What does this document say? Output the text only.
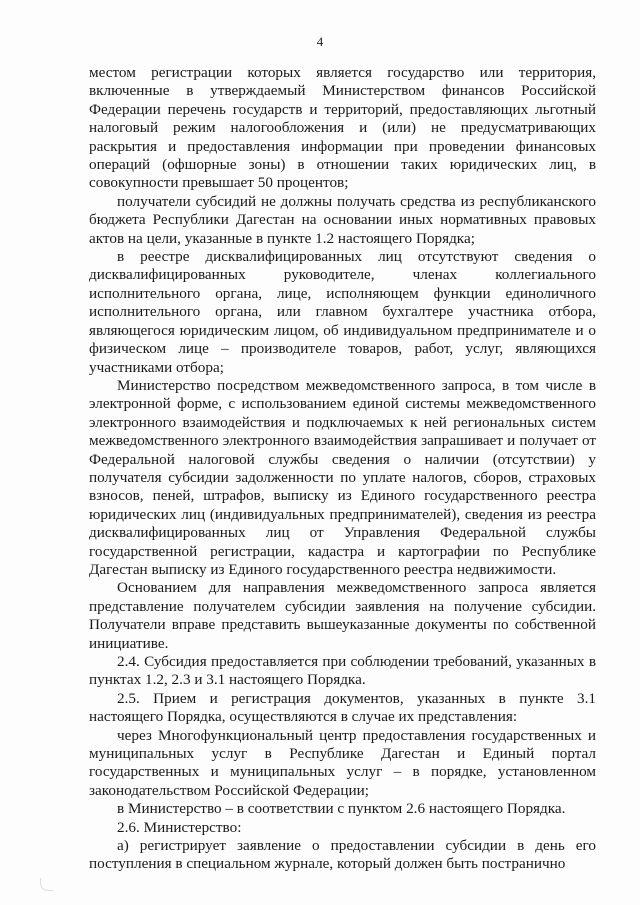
4

местом регистрации которых является государство или территория, включенные в утверждаемый Министерством финансов Российской Федерации перечень государств и территорий, предоставляющих льготный налоговый режим налогообложения и (или) не предусматривающих раскрытия и предоставления информации при проведении финансовых операций (офшорные зоны) в отношении таких юридических лиц, в совокупности превышает 50 процентов;

получатели субсидий не должны получать средства из республиканского бюджета Республики Дагестан на основании иных нормативных правовых актов на цели, указанные в пункте 1.2 настоящего Порядка;

в реестре дисквалифицированных лиц отсутствуют сведения о дисквалифицированных руководителе, членах коллегиального исполнительного органа, лице, исполняющем функции единоличного исполнительного органа, или главном бухгалтере участника отбора, являющегося юридическим лицом, об индивидуальном предпринимателе и о физическом лице – производителе товаров, работ, услуг, являющихся участниками отбора;

Министерство посредством межведомственного запроса, в том числе в электронной форме, с использованием единой системы межведомственного электронного взаимодействия и подключаемых к ней региональных систем межведомственного электронного взаимодействия запрашивает и получает от Федеральной налоговой службы сведения о наличии (отсутствии) у получателя субсидии задолженности по уплате налогов, сборов, страховых взносов, пеней, штрафов, выписку из Единого государственного реестра юридических лиц (индивидуальных предпринимателей), сведения из реестра дисквалифицированных лиц от Управления Федеральной службы государственной регистрации, кадастра и картографии по Республике Дагестан выписку из Единого государственного реестра недвижимости.

Основанием для направления межведомственного запроса является представление получателем субсидии заявления на получение субсидии. Получатели вправе представить вышеуказанные документы по собственной инициативе.

2.4. Субсидия предоставляется при соблюдении требований, указанных в пунктах 1.2, 2.3 и 3.1 настоящего Порядка.

2.5. Прием и регистрация документов, указанных в пункте 3.1 настоящего Порядка, осуществляются в случае их представления:

через Многофункциональный центр предоставления государственных и муниципальных услуг в Республике Дагестан и Единый портал государственных и муниципальных услуг – в порядке, установленном законодательством Российской Федерации;

в Министерство – в соответствии с пунктом 2.6 настоящего Порядка.

2.6. Министерство:

а) регистрирует заявление о предоставлении субсидии в день его поступления в специальном журнале, который должен быть постранично
